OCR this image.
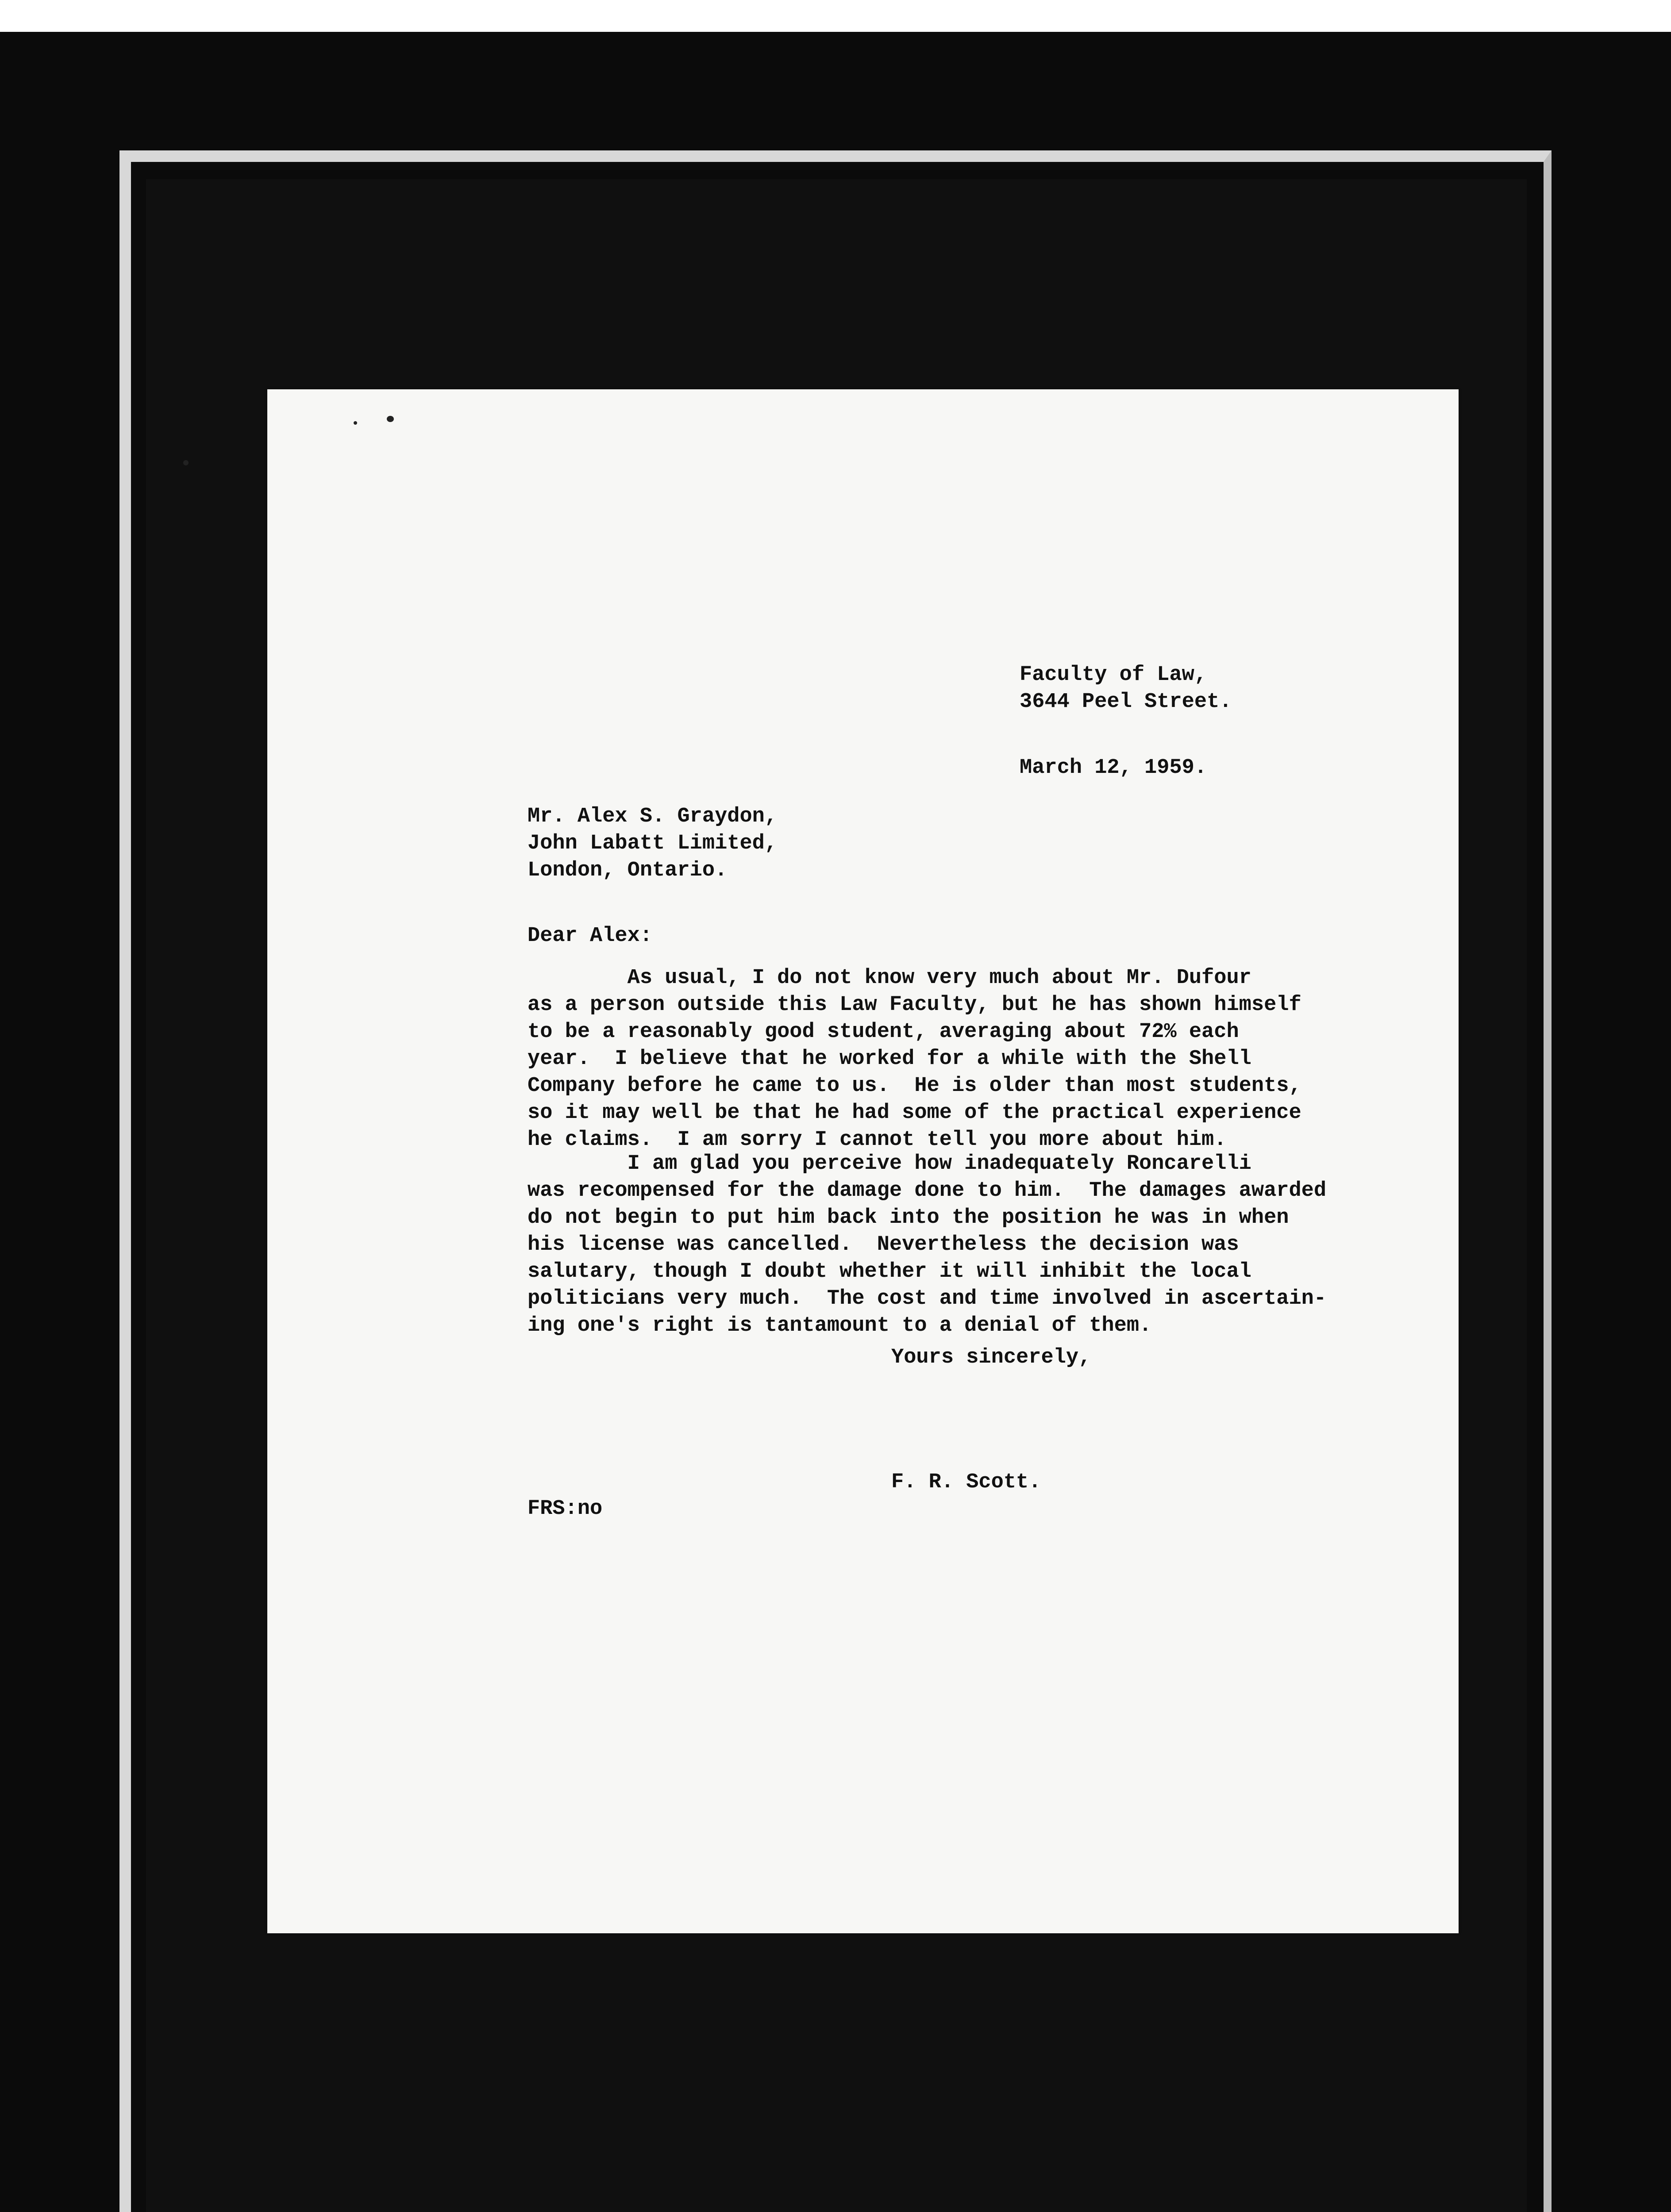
Faculty of Law,
3644 Peel Street.
March 12, 1959.
Mr. Alex S. Graydon,
John Labatt Limited,
London, Ontario.
Dear Alex:
As usual, I do not know very much about Mr. Dufour
as a person outside this Law Faculty, but he has shown himself
to be a reasonably good student, averaging about 72% each
year.  I believe that he worked for a while with the Shell
Company before he came to us.  He is older than most students,
so it may well be that he had some of the practical experience
he claims.  I am sorry I cannot tell you more about him.
I am glad you perceive how inadequately Roncarelli
was recompensed for the damage done to him.  The damages awarded
do not begin to put him back into the position he was in when
his license was cancelled.  Nevertheless the decision was
salutary, though I doubt whether it will inhibit the local
politicians very much.  The cost and time involved in ascertain-
ing one's right is tantamount to a denial of them.
Yours sincerely,
F. R. Scott.
FRS:no
